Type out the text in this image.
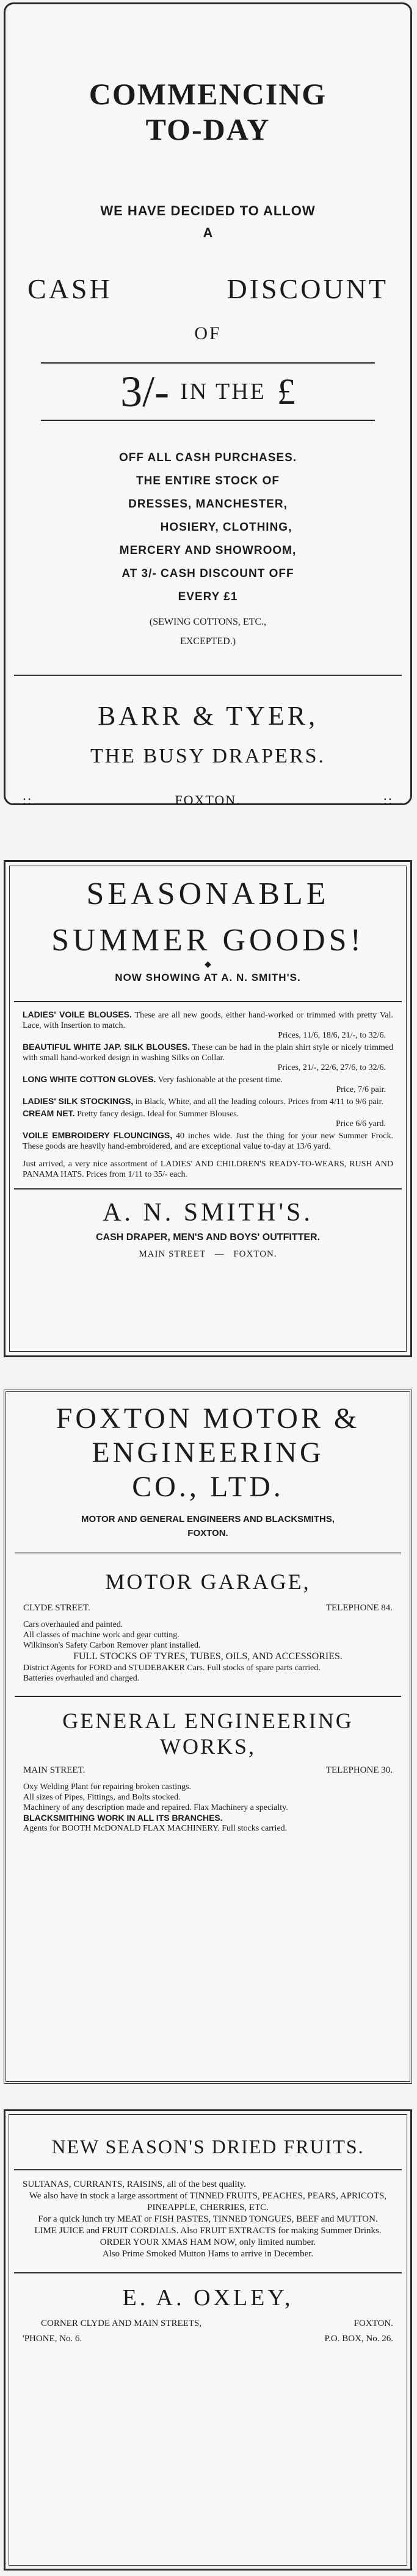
COMMENCING
TO-DAY
WE HAVE DECIDED TO ALLOW
A
CASH	DISCOUNT
OF
3/- IN THE £
OFF ALL CASH PURCHASES.
THE ENTIRE STOCK OF
DRESSES, MANCHESTER,
HOSIERY, CLOTHING,
MERCERY AND SHOWROOM,
AT 3/- CASH DISCOUNT OFF
EVERY £1
(SEWING COTTONS, ETC.,
EXCEPTED.)
BARR & TYER,
THE BUSY DRAPERS.
::	FOXTON.	::
SEASONABLE
SUMMER GOODS!
◆
NOW SHOWING AT A. N. SMITH'S.

LADIES' VOILE BLOUSES. These are all new goods, either hand-worked or trimmed with pretty Val. Lace, with Insertion to match.

Prices, 11/6, 18/6, 21/-, to 32/6.

BEAUTIFUL WHITE JAP. SILK BLOUSES. These can be had in the plain shirt style or nicely trimmed with small hand-worked design in washing Silks on Collar.

Prices, 21/-, 22/6, 27/6, to 32/6.

LONG WHITE COTTON GLOVES. Very fashionable at the present time.

Price, 7/6 pair.

LADIES' SILK STOCKINGS, in Black, White, and all the leading colours. Prices from 4/11 to 9/6 pair.

CREAM NET. Pretty fancy design. Ideal for Summer Blouses.

Price 6/6 yard.

VOILE EMBROIDERY FLOUNCINGS, 40 inches wide. Just the thing for your new Summer Frock. These goods are heavily hand-embroidered, and are exceptional value to-day at 13/6 yard.

Just arrived, a very nice assortment of LADIES' AND CHILDREN'S READY-TO-WEARS, RUSH AND PANAMA HATS. Prices from 1/11 to 35/- each.

A. N. SMITH'S.
CASH DRAPER, MEN'S AND BOYS' OUTFITTER.
MAIN STREET — FOXTON.
FOXTON MOTOR &
ENGINEERING
CO., LTD.
MOTOR AND GENERAL ENGINEERS AND BLACKSMITHS,
FOXTON.
MOTOR GARAGE,
CLYDE STREET.	TELEPHONE 84.

Cars overhauled and painted.

All classes of machine work and gear cutting.

Wilkinson's Safety Carbon Remover plant installed.

FULL STOCKS OF TYRES, TUBES, OILS, AND ACCESSORIES.

District Agents for FORD and STUDEBAKER Cars. Full stocks of spare parts carried.

Batteries overhauled and charged.

GENERAL ENGINEERING
WORKS,
MAIN STREET.	TELEPHONE 30.

Oxy Welding Plant for repairing broken castings.

All sizes of Pipes, Fittings, and Bolts stocked.

Machinery of any description made and repaired. Flax Machinery a specialty.

BLACKSMITHING WORK IN ALL ITS BRANCHES.

Agents for BOOTH McDONALD FLAX MACHINERY. Full stocks carried.

NEW SEASON'S DRIED FRUITS.

SULTANAS, CURRANTS, RAISINS, all of the best quality.

We also have in stock a large assortment of TINNED FRUITS, PEACHES, PEARS, APRICOTS, PINEAPPLE, CHERRIES, ETC.

For a quick lunch try MEAT or FISH PASTES, TINNED TONGUES, BEEF and MUTTON.

LIME JUICE and FRUIT CORDIALS. Also FRUIT EXTRACTS for making Summer Drinks.

ORDER YOUR XMAS HAM NOW, only limited number.

Also Prime Smoked Mutton Hams to arrive in December.

E. A. OXLEY,
CORNER CLYDE AND MAIN STREETS,	FOXTON.
'PHONE, No. 6.	P.O. BOX, No. 26.
